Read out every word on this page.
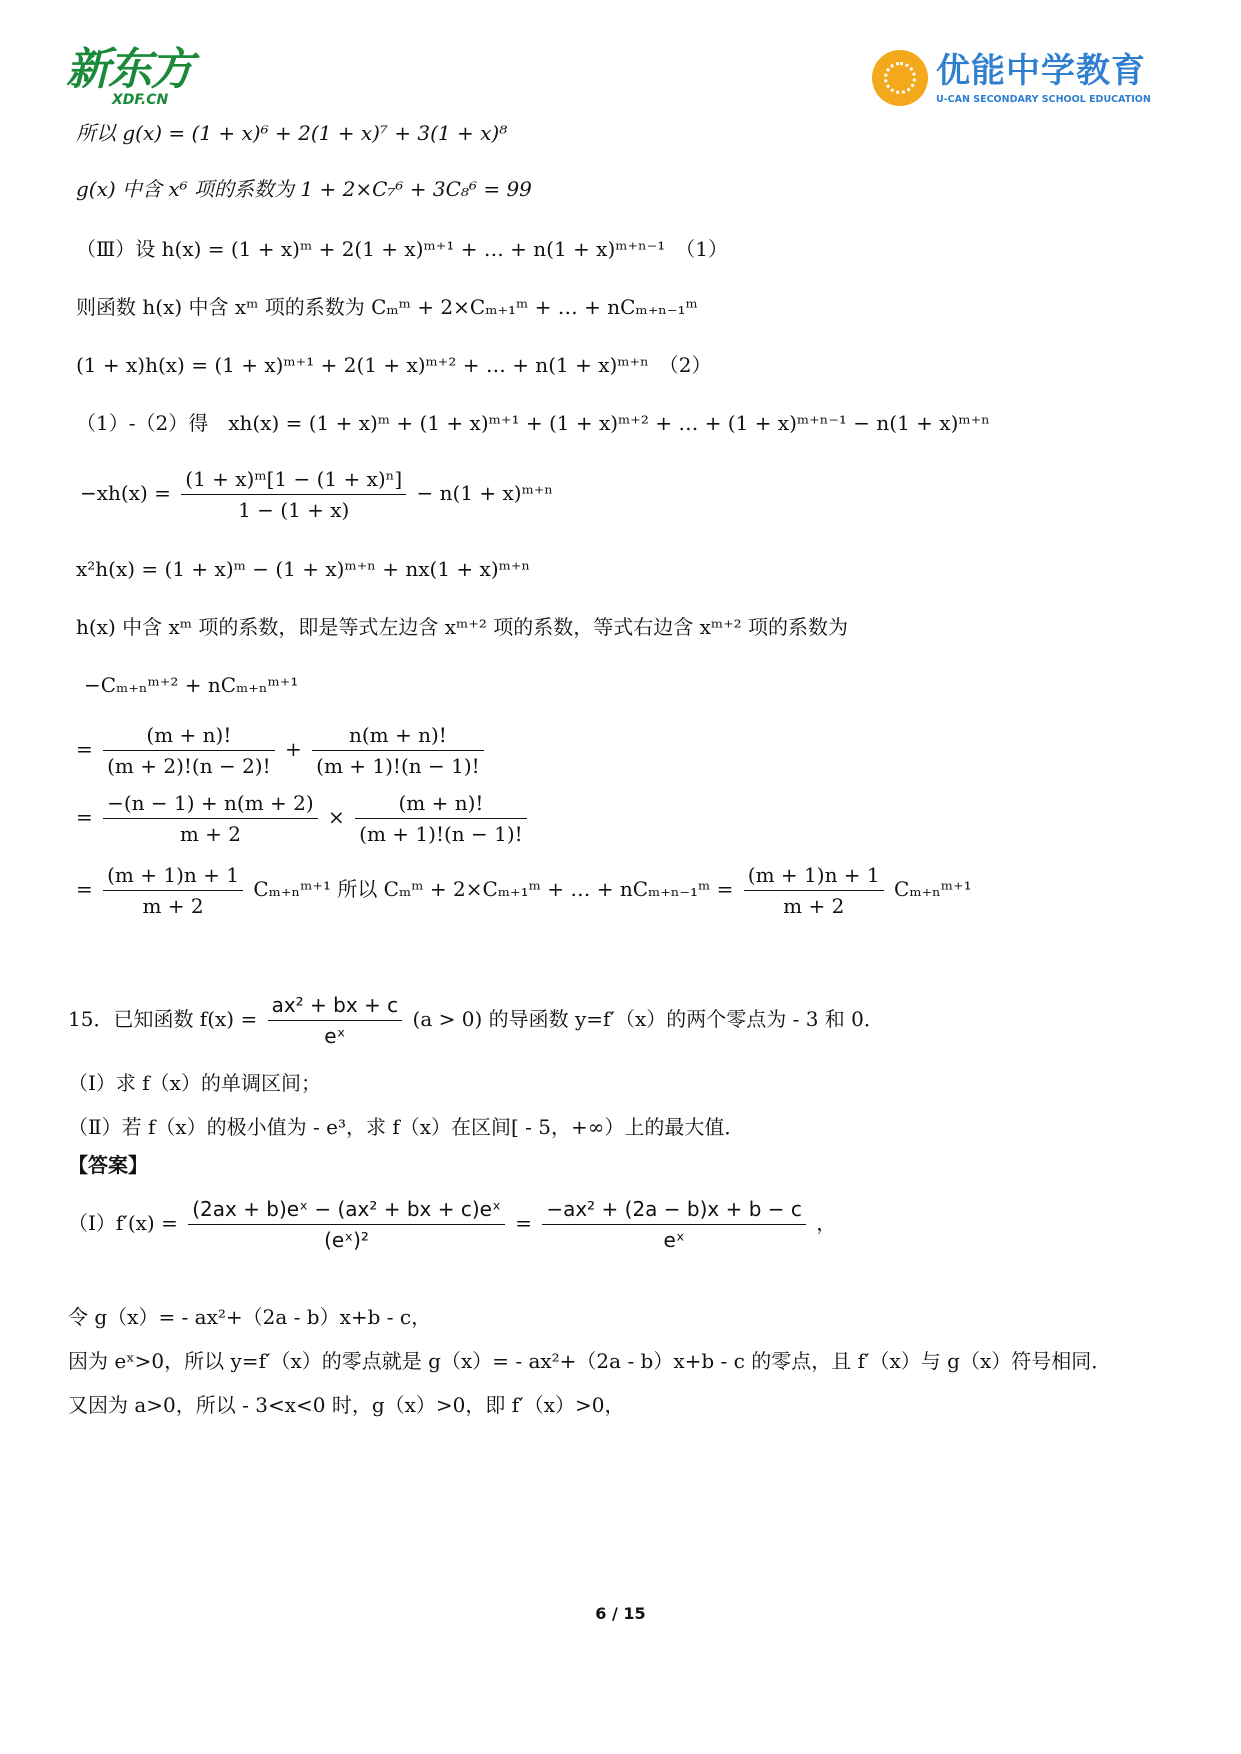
新东方
XDF.CN
优能中学教育
U-CAN SECONDARY SCHOOL EDUCATION
所以 g(x) = (1 + x)⁶ + 2(1 + x)⁷ + 3(1 + x)⁸
g(x) 中含 x⁶ 项的系数为 1 + 2×C₇⁶ + 3C₈⁶ = 99
（Ⅲ）设 h(x) = (1 + x)ᵐ + 2(1 + x)ᵐ⁺¹ + … + n(1 + x)ᵐ⁺ⁿ⁻¹　（1）
则函数 h(x) 中含 xᵐ 项的系数为 Cₘᵐ + 2×Cₘ₊₁ᵐ + … + nCₘ₊ₙ₋₁ᵐ
(1 + x)h(x) = (1 + x)ᵐ⁺¹ + 2(1 + x)ᵐ⁺² + … + n(1 + x)ᵐ⁺ⁿ　（2）
（1）-（2）得　xh(x) = (1 + x)ᵐ + (1 + x)ᵐ⁺¹ + (1 + x)ᵐ⁺² + … + (1 + x)ᵐ⁺ⁿ⁻¹ − n(1 + x)ᵐ⁺ⁿ
$-xh(x) = \frac{\text{(1 + x)ᵐ[1 − (1 + x)ⁿ]}}{1 - (1 + x)} - n(1$ + x)ᵐ⁺ⁿ
x²h(x) = (1 + x)ᵐ − (1 + x)ᵐ⁺ⁿ + nx(1 + x)ᵐ⁺ⁿ
h(x) 中含 xᵐ 项的系数，即是等式左边含 xᵐ⁺² 项的系数，等式右边含 xᵐ⁺² 项的系数为
−Cₘ₊ₙᵐ⁺² + nCₘ₊ₙᵐ⁺¹
= $\frac{(m + n)!}{(m + 2)!(n - 2)!} + \frac{n(m + n)!}{(m + 1)!(n - 1)!}$
= $\frac{-(n - 1) + n(m + 2)}{m + 2} \times \frac{(m + n)!}{(m + 1)!(n - 1)!}$
= $\frac{(m + 1)n + 1}{m + 2}$ Cₘ₊ₙᵐ⁺¹ 所以 Cₘᵐ + 2×Cₘ₊₁ᵐ + … + nCₘ₊ₙ₋₁ᵐ = $\frac{(m + 1)n + 1}{m + 2}$ Cₘ₊ₙᵐ⁺¹
15．已知函数 $f(x) = \frac{\text{ax² + bx + c}}{\text{eˣ}} (a > 0)$ 的导函数 y=f′（x）的两个零点为 - 3 和 0．
（Ⅰ）求 f（x）的单调区间；
（Ⅱ）若 f（x）的极小值为 - e³，求 f（x）在区间[ - 5，+∞）上的最大值．
【答案】
（Ⅰ）f′(x) = $\frac{\text{(2ax + b)eˣ − (ax² + bx + c)eˣ}}{\text{(eˣ)²}} = \frac{\text{−ax² + (2a − b)x + b − c}}{\text{eˣ}}$ ，
令 g（x）= - ax²+（2a - b）x+b - c，
因为 eˣ>0，所以 y=f′（x）的零点就是 g（x）= - ax²+（2a - b）x+b - c 的零点，且 f′（x）与 g（x）符号相同．
又因为 a>0，所以 - 3<x<0 时，g（x）>0，即 f′（x）>0，
6 / 15
